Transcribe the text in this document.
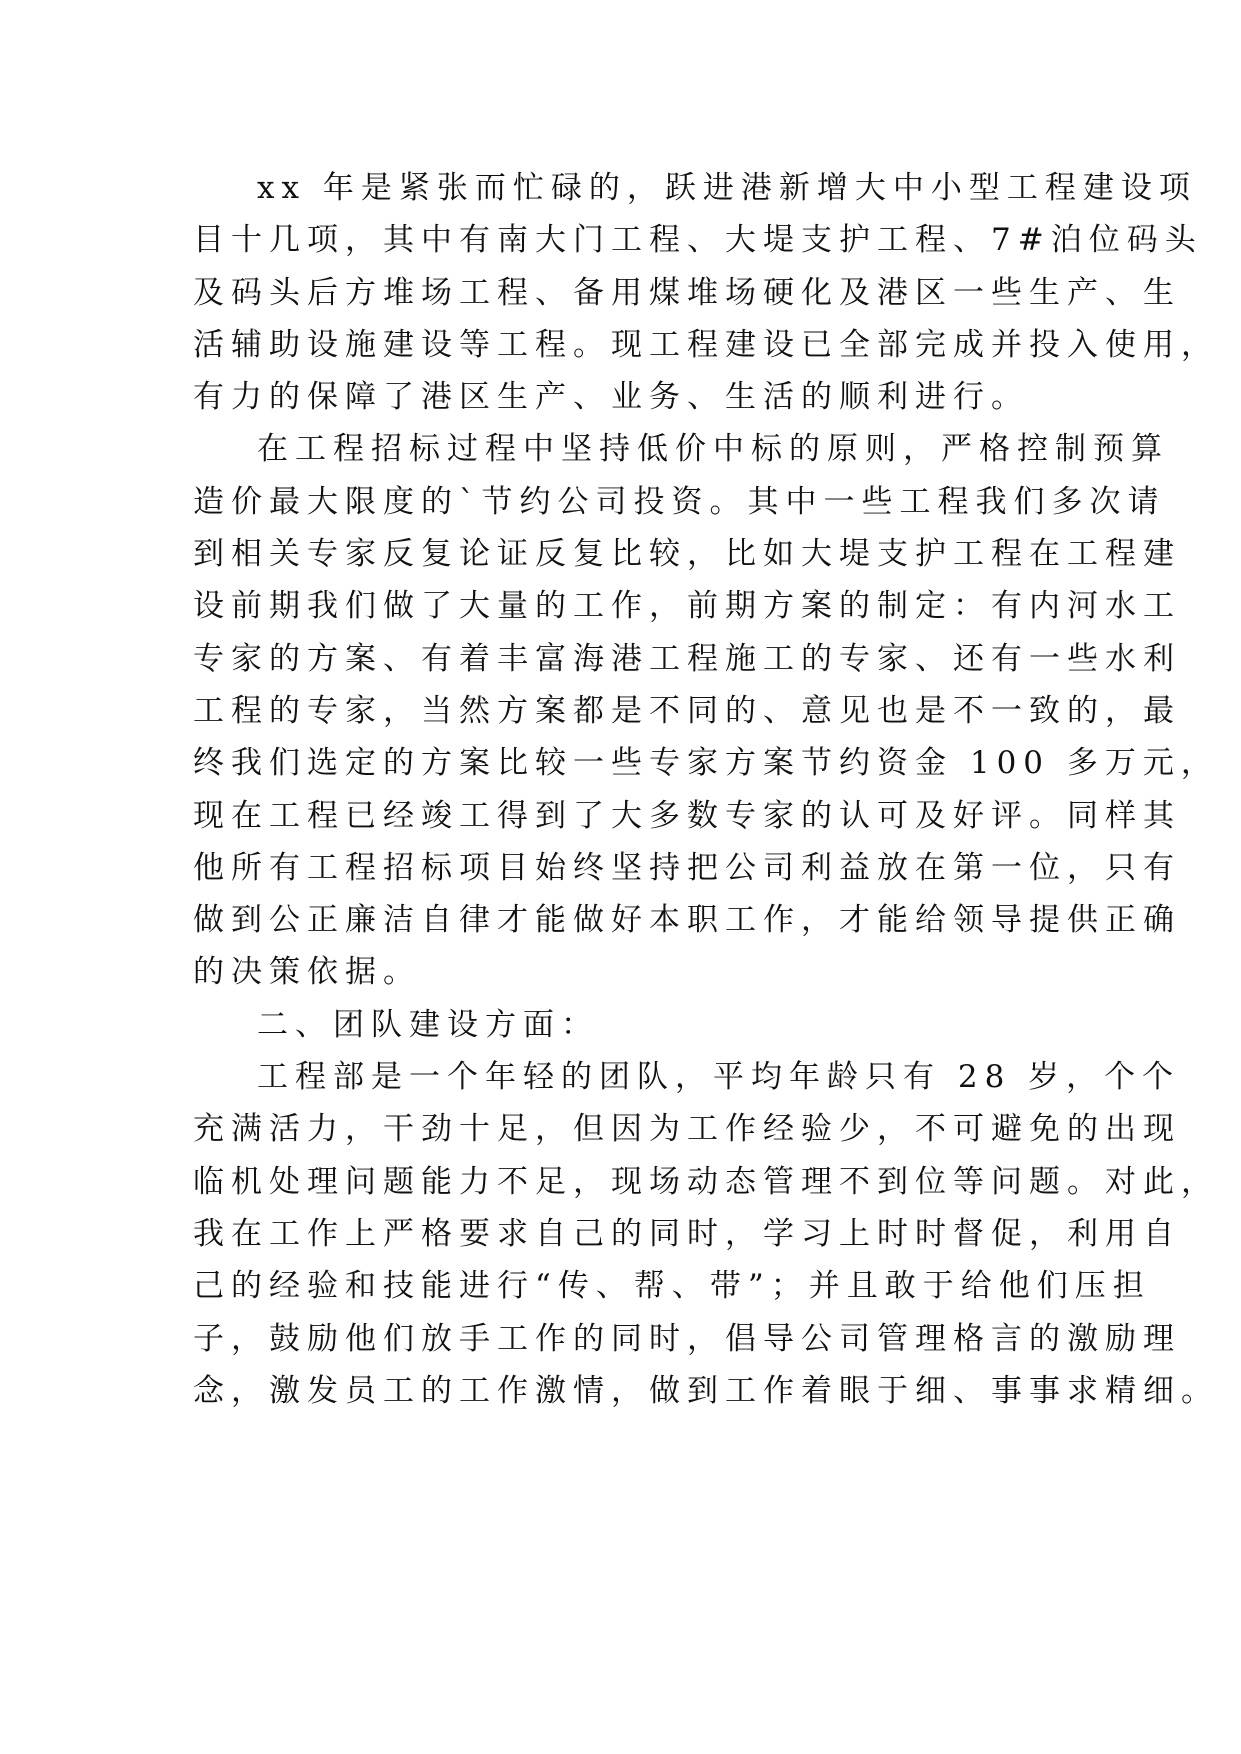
xx 年是紧张而忙碌的，跃进港新增大中小型工程建设项
目十几项，其中有南大门工程、大堤支护工程、7#泊位码头
及码头后方堆场工程、备用煤堆场硬化及港区一些生产、生
活辅助设施建设等工程。现工程建设已全部完成并投入使用，
有力的保障了港区生产、业务、生活的顺利进行。
在工程招标过程中坚持低价中标的原则，严格控制预算
造价最大限度的`节约公司投资。其中一些工程我们多次请
到相关专家反复论证反复比较，比如大堤支护工程在工程建
设前期我们做了大量的工作，前期方案的制定：有内河水工
专家的方案、有着丰富海港工程施工的专家、还有一些水利
工程的专家，当然方案都是不同的、意见也是不一致的，最
终我们选定的方案比较一些专家方案节约资金 100 多万元，
现在工程已经竣工得到了大多数专家的认可及好评。同样其
他所有工程招标项目始终坚持把公司利益放在第一位，只有
做到公正廉洁自律才能做好本职工作，才能给领导提供正确
的决策依据。
二、团队建设方面：
工程部是一个年轻的团队，平均年龄只有 28 岁，个个
充满活力，干劲十足，但因为工作经验少，不可避免的出现
临机处理问题能力不足，现场动态管理不到位等问题。对此，
我在工作上严格要求自己的同时，学习上时时督促，利用自
己的经验和技能进行“传、帮、带”；并且敢于给他们压担
子，鼓励他们放手工作的同时，倡导公司管理格言的激励理
念，激发员工的工作激情，做到工作着眼于细、事事求精细。
